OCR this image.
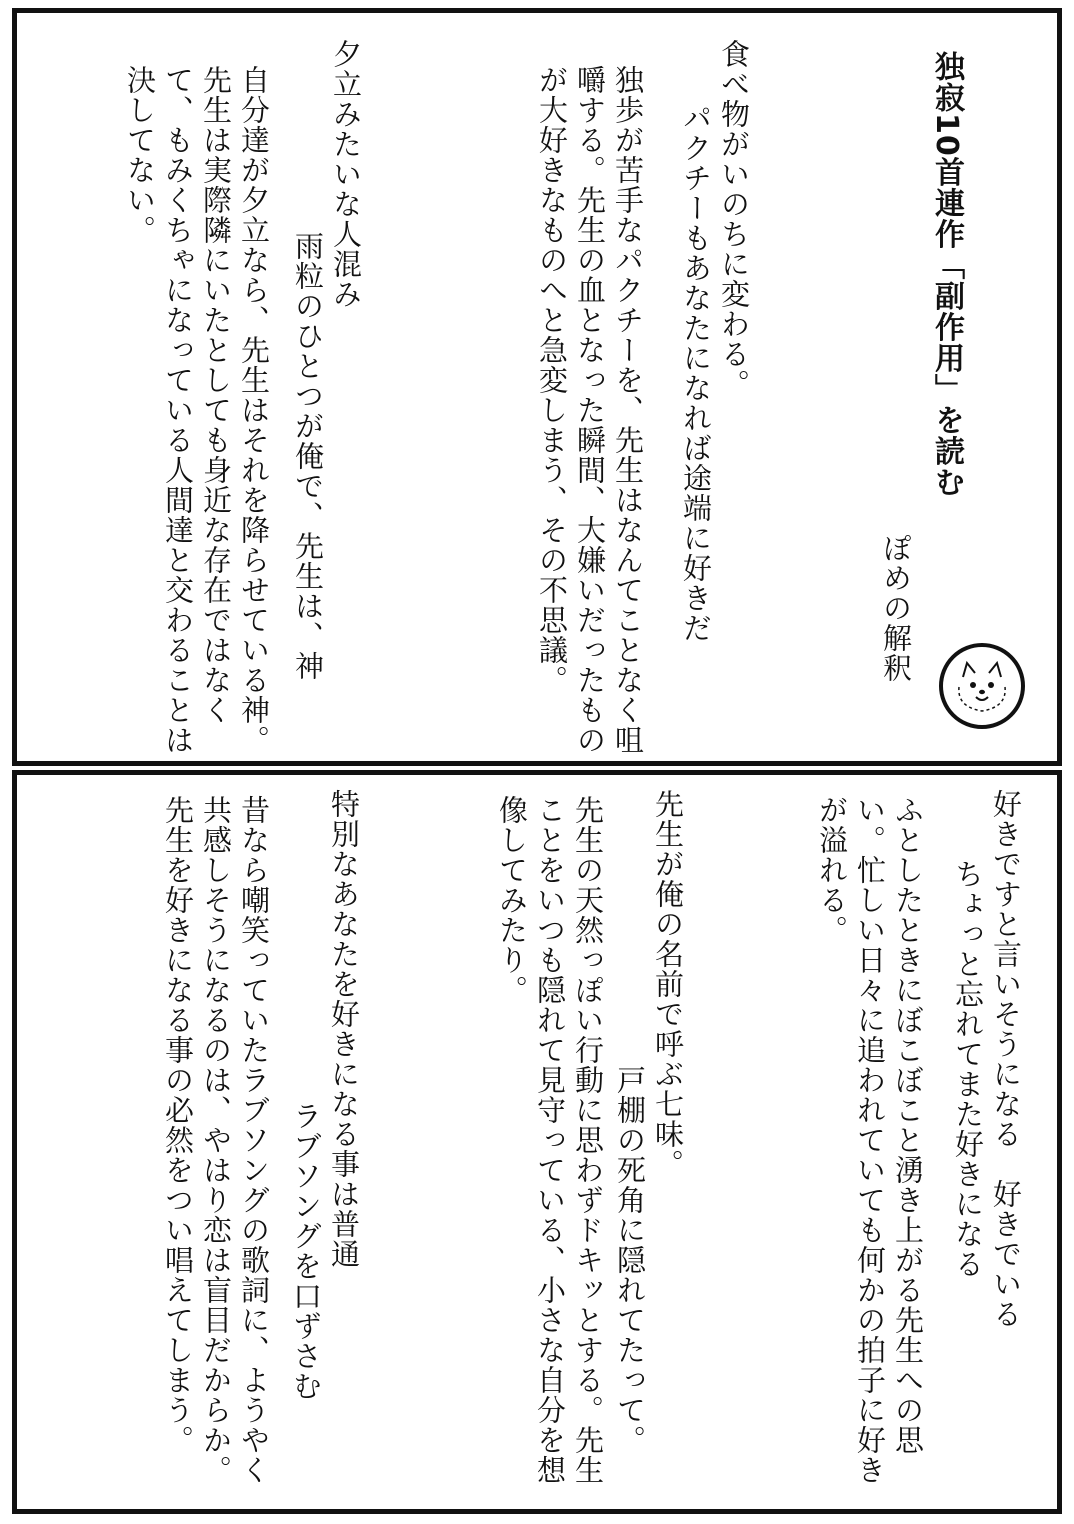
独寂10首連作「副作用」を読む
ぽめの解釈
食べ物がいのちに変わる。
パクチーもあなたになれば途端に好きだ
独歩が苦手なパクチーを、先生はなんてことなく咀嚼する。先生の血となった瞬間、大嫌いだったものが大好きなものへと急変しまう、その不思議。
夕立みたいな人混み
雨粒のひとつが俺で、先生は、神
自分達が夕立なら、先生はそれを降らせている神。先生は実際隣にいたとしても身近な存在ではなくて、もみくちゃになっている人間達と交わることは決してない。
好きですと言いそうになる　好きでいる
ちょっと忘れてまた好きになる
ふとしたときにぼこぼこと湧き上がる先生への思い。忙しい日々に追われていても何かの拍子に好きが溢れる。
先生が俺の名前で呼ぶ七味。
戸棚の死角に隠れてたって。
先生の天然っぽい行動に思わずドキッとする。先生ことをいつも隠れて見守っている、小さな自分を想像してみたり。
特別なあなたを好きになる事は普通
ラブソングを口ずさむ
昔なら嘲笑っていたラブソングの歌詞に、ようやく共感しそうになるのは、やはり恋は盲目だからか。先生を好きになる事の必然をつい唱えてしまう。
